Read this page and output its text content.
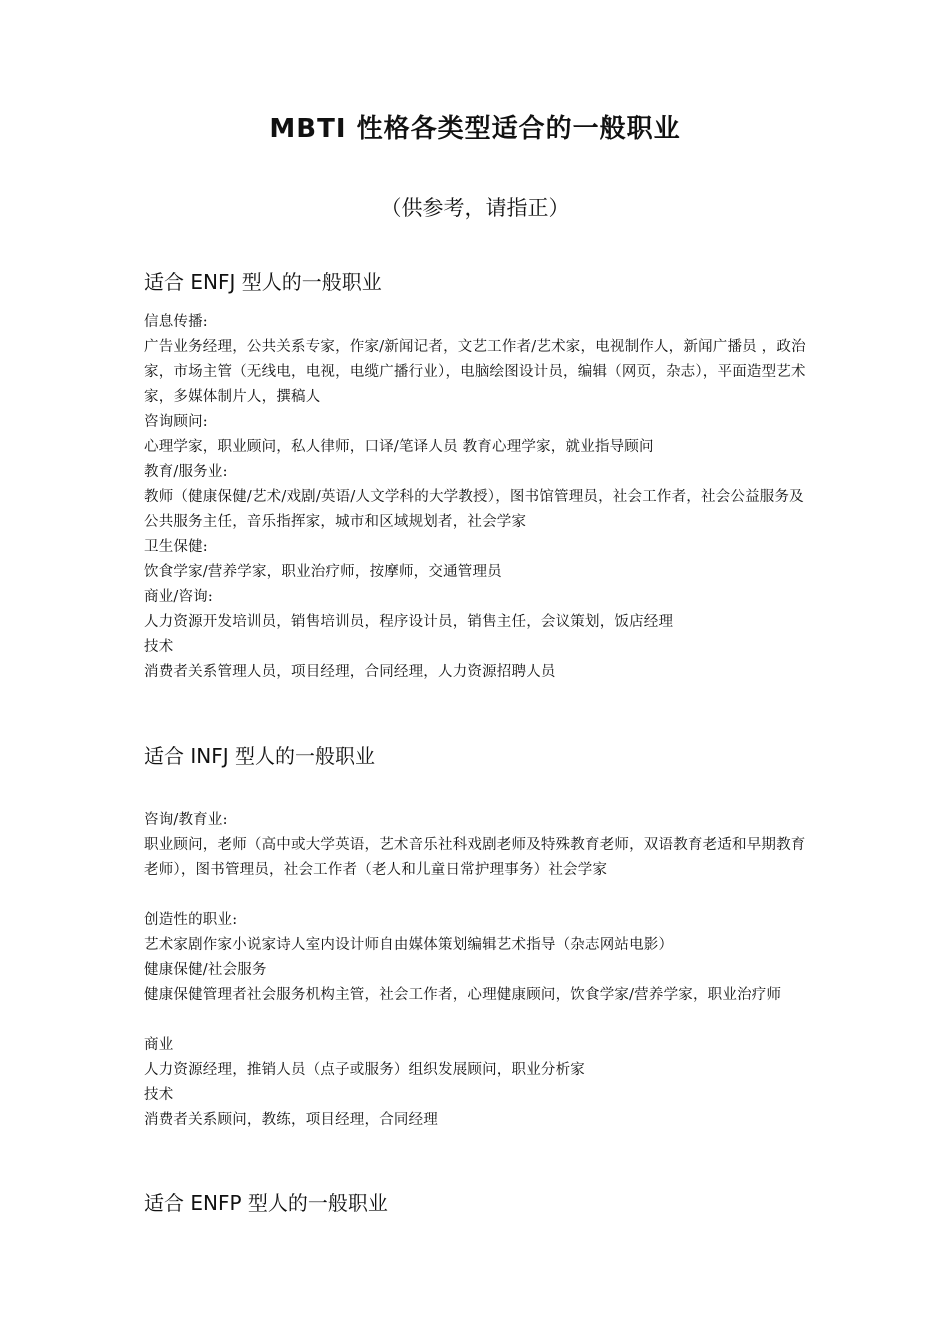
MBTI 性格各类型适合的一般职业
（供参考，请指正）
适合 ENFJ 型人的一般职业

信息传播:

广告业务经理，公共关系专家，作家/新闻记者，文艺工作者/艺术家，电视制作人，新闻广播员 ，政治家，市场主管（无线电，电视，电缆广播行业），电脑绘图设计员，编辑（网页，杂志），平面造型艺术家，多媒体制片人，撰稿人

咨询顾问:

心理学家，职业顾问，私人律师，口译/笔译人员 教育心理学家，就业指导顾问

教育/服务业:

教师（健康保健/艺术/戏剧/英语/人文学科的大学教授），图书馆管理员，社会工作者，社会公益服务及公共服务主任，音乐指挥家，城市和区域规划者，社会学家

卫生保健:

饮食学家/营养学家，职业治疗师，按摩师，交通管理员

商业/咨询:

人力资源开发培训员，销售培训员，程序设计员，销售主任，会议策划，饭店经理

技术

消费者关系管理人员，项目经理，合同经理，人力资源招聘人员

适合 INFJ 型人的一般职业

咨询/教育业:

职业顾问，老师（高中或大学英语，艺术音乐社科戏剧老师及特殊教育老师，双语教育老适和早期教育老师），图书管理员，社会工作者（老人和儿童日常护理事务）社会学家

创造性的职业:

艺术家剧作家小说家诗人室内设计师自由媒体策划编辑艺术指导（杂志网站电影）

健康保健/社会服务

健康保健管理者社会服务机构主管，社会工作者，心理健康顾问，饮食学家/营养学家，职业治疗师

商业

人力资源经理，推销人员（点子或服务）组织发展顾问，职业分析家

技术

消费者关系顾问，教练，项目经理，合同经理

适合 ENFP 型人的一般职业
